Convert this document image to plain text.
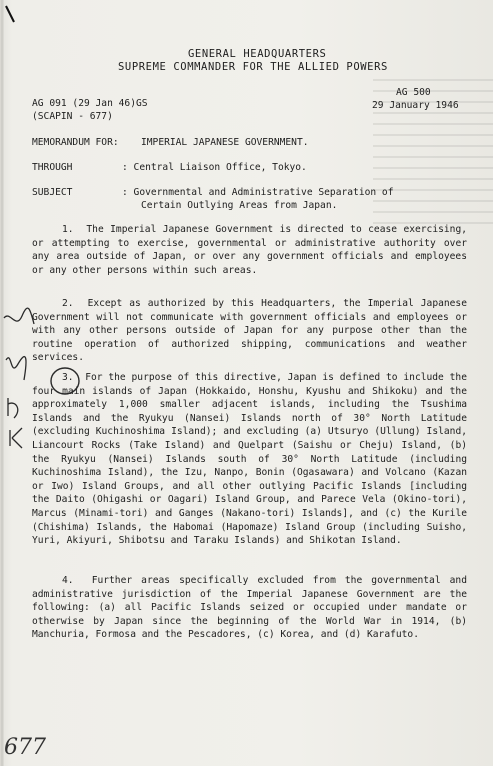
GENERAL HEADQUARTERS
SUPREME COMMANDER FOR THE ALLIED POWERS
AG 091 (29 Jan 46)GS
(SCAPIN - 677)
AG 500
29 January 1946
MEMORANDUM FOR: IMPERIAL JAPANESE GOVERNMENT.
THROUGH	: Central Liaison Office, Tokyo.
SUBJECT	: Governmental and Administrative Separation of
Certain Outlying Areas from Japan.
1. The Imperial Japanese Government is directed to cease exercising, or attempting to exercise, governmental or administrative authority over any area outside of Japan, or over any government officials and employees or any other persons within such areas.
2. Except as authorized by this Headquarters, the Imperial Japanese Government will not communicate with government officials and employees or with any other persons outside of Japan for any purpose other than the routine operation of authorized shipping, communications and weather services.
3. For the purpose of this directive, Japan is defined to include the four main islands of Japan (Hokkaido, Honshu, Kyushu and Shikoku) and the approximately 1,000 smaller adjacent islands, including the Tsushima Islands and the Ryukyu (Nansei) Islands north of 30° North Latitude (excluding Kuchinoshima Island); and excluding (a) Utsuryo (Ullung) Island, Liancourt Rocks (Take Island) and Quelpart (Saishu or Cheju) Island, (b) the Ryukyu (Nansei) Islands south of 30° North Latitude (including Kuchinoshima Island), the Izu, Nanpo, Bonin (Ogasawara) and Volcano (Kazan or Iwo) Island Groups, and all other outlying Pacific Islands [including the Daito (Ohigashi or Oagari) Island Group, and Parece Vela (Okino-tori), Marcus (Minami-tori) and Ganges (Nakano-tori) Islands], and (c) the Kurile (Chishima) Islands, the Habomai (Hapomaze) Island Group (including Suisho, Yuri, Akiyuri, Shibotsu and Taraku Islands) and Shikotan Island.
4. Further areas specifically excluded from the governmental and administrative jurisdiction of the Imperial Japanese Government are the following: (a) all Pacific Islands seized or occupied under mandate or otherwise by Japan since the beginning of the World War in 1914, (b) Manchuria, Formosa and the Pescadores, (c) Korea, and (d) Karafuto.
677
